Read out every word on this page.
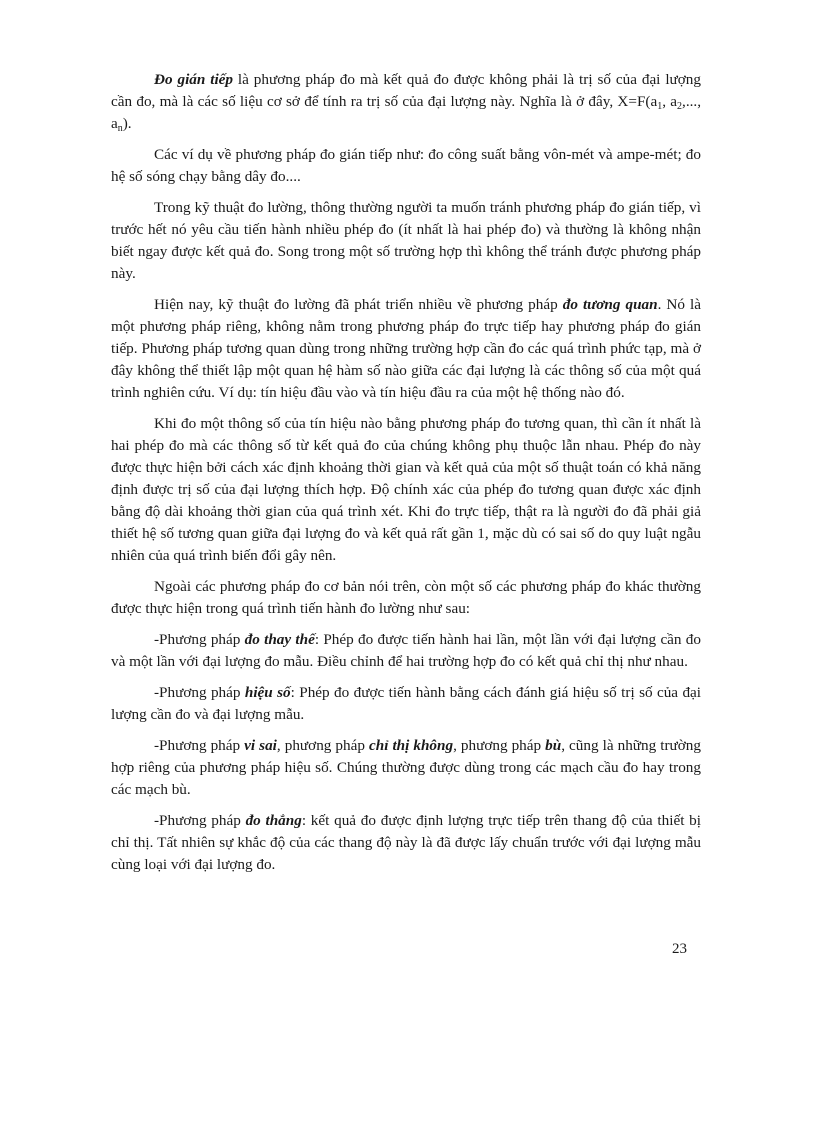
Đo gián tiếp là phương pháp đo mà kết quả đo được không phải là trị số của đại lượng cần đo, mà là các số liệu cơ sở để tính ra trị số của đại lượng này. Nghĩa là ở đây, $X=F(a_1$, $a_2$,..., $a_n$).

Các ví dụ về phương pháp đo gián tiếp như: đo công suất bằng vôn-mét và ampe-mét; đo hệ số sóng chạy bằng dây đo....

Trong kỹ thuật đo lường, thông thường người ta muốn tránh phương pháp đo gián tiếp, vì trước hết nó yêu cầu tiến hành nhiều phép đo (ít nhất là hai phép đo) và thường là không nhận biết ngay được kết quả đo. Song trong một số trường hợp thì không thể tránh được phương pháp này.

Hiện nay, kỹ thuật đo lường đã phát triển nhiều về phương pháp đo tương quan. Nó là một phương pháp riêng, không nằm trong phương pháp đo trực tiếp hay phương pháp đo gián tiếp. Phương pháp tương quan dùng trong những trường hợp cần đo các quá trình phức tạp, mà ở đây không thể thiết lập một quan hệ hàm số nào giữa các đại lượng là các thông số của một quá trình nghiên cứu. Ví dụ: tín hiệu đầu vào và tín hiệu đầu ra của một hệ thống nào đó.

Khi đo một thông số của tín hiệu nào bằng phương pháp đo tương quan, thì cần ít nhất là hai phép đo mà các thông số từ kết quả đo của chúng không phụ thuộc lẫn nhau. Phép đo này được thực hiện bởi cách xác định khoảng thời gian và kết quả của một số thuật toán có khả năng định được trị số của đại lượng thích hợp. Độ chính xác của phép đo tương quan được xác định bằng độ dài khoảng thời gian của quá trình xét. Khi đo trực tiếp, thật ra là người đo đã phải giả thiết hệ số tương quan giữa đại lượng đo và kết quả rất gần 1, mặc dù có sai số do quy luật ngẫu nhiên của quá trình biến đổi gây nên.

Ngoài các phương pháp đo cơ bản nói trên, còn một số các phương pháp đo khác thường được thực hiện trong quá trình tiến hành đo lường như sau:

-Phương pháp đo thay thế: Phép đo được tiến hành hai lần, một lần với đại lượng cần đo và một lần với đại lượng đo mẫu. Điều chỉnh để hai trường hợp đo có kết quả chỉ thị như nhau.

-Phương pháp hiệu số: Phép đo được tiến hành bằng cách đánh giá hiệu số trị số của đại lượng cần đo và đại lượng mẫu.

-Phương pháp vi sai, phương pháp chỉ thị không, phương pháp bù, cũng là những trường hợp riêng của phương pháp hiệu số. Chúng thường được dùng trong các mạch cầu đo hay trong các mạch bù.

-Phương pháp đo thẳng: kết quả đo được định lượng trực tiếp trên thang độ của thiết bị chỉ thị. Tất nhiên sự khắc độ của các thang độ này là đã được lấy chuẩn trước với đại lượng mẫu cùng loại với đại lượng đo.

23
